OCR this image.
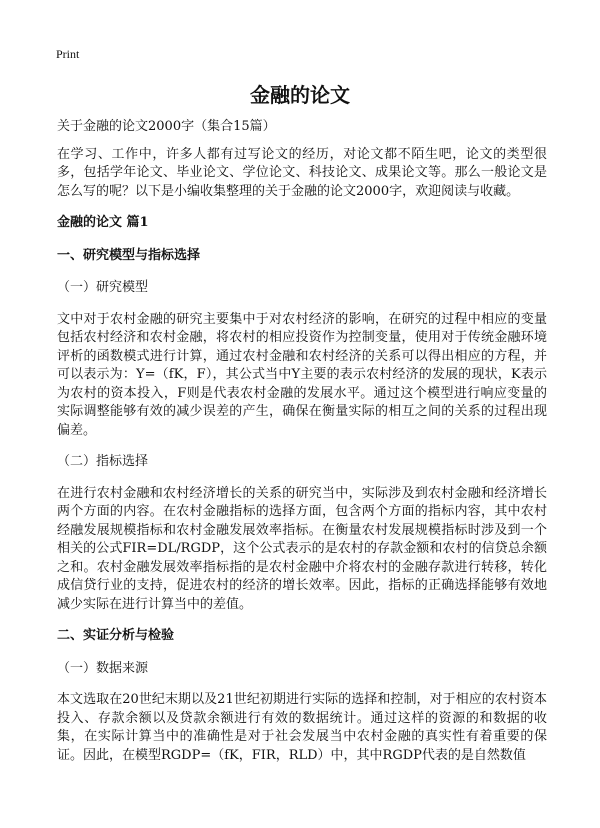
Print
金融的论文

关于金融的论文2000字（集合15篇）

在学习、工作中，许多人都有过写论文的经历，对论文都不陌生吧，论文的类型很多，包括学年论文、毕业论文、学位论文、科技论文、成果论文等。那么一般论文是怎么写的呢？以下是小编收集整理的关于金融的论文2000字，欢迎阅读与收藏。

金融的论文 篇1

一、研究模型与指标选择

（一）研究模型

文中对于农村金融的研究主要集中于对农村经济的影响，在研究的过程中相应的变量包括农村经济和农村金融，将农村的相应投资作为控制变量，使用对于传统金融环境评析的函数模式进行计算，通过农村金融和农村经济的关系可以得出相应的方程，并可以表示为：Y=（fK，F），其公式当中Y主要的表示农村经济的发展的现状，K表示为农村的资本投入，F则是代表农村金融的发展水平。通过这个模型进行响应变量的实际调整能够有效的减少误差的产生，确保在衡量实际的相互之间的关系的过程出现偏差。

（二）指标选择

在进行农村金融和农村经济增长的关系的研究当中，实际涉及到农村金融和经济增长两个方面的内容。在农村金融指标的选择方面，包含两个方面的指标内容，其中农村经融发展规模指标和农村金融发展效率指标。在衡量农村发展规模指标时涉及到一个相关的公式FIR=DL/RGDP，这个公式表示的是农村的存款金额和农村的信贷总余额之和。农村金融发展效率指标指的是农村金融中介将农村的金融存款进行转移，转化成信贷行业的支持，促进农村的经济的增长效率。因此，指标的正确选择能够有效地减少实际在进行计算当中的差值。

二、实证分析与检验

（一）数据来源

本文选取在20世纪末期以及21世纪初期进行实际的选择和控制，对于相应的农村资本投入、存款余额以及贷款余额进行有效的数据统计。通过这样的资源的和数据的收集，在实际计算当中的准确性是对于社会发展当中农村金融的真实性有着重要的保证。因此，在模型RGDP=（fK，FIR，RLD）中，其中RGDP代表的是自然数值
